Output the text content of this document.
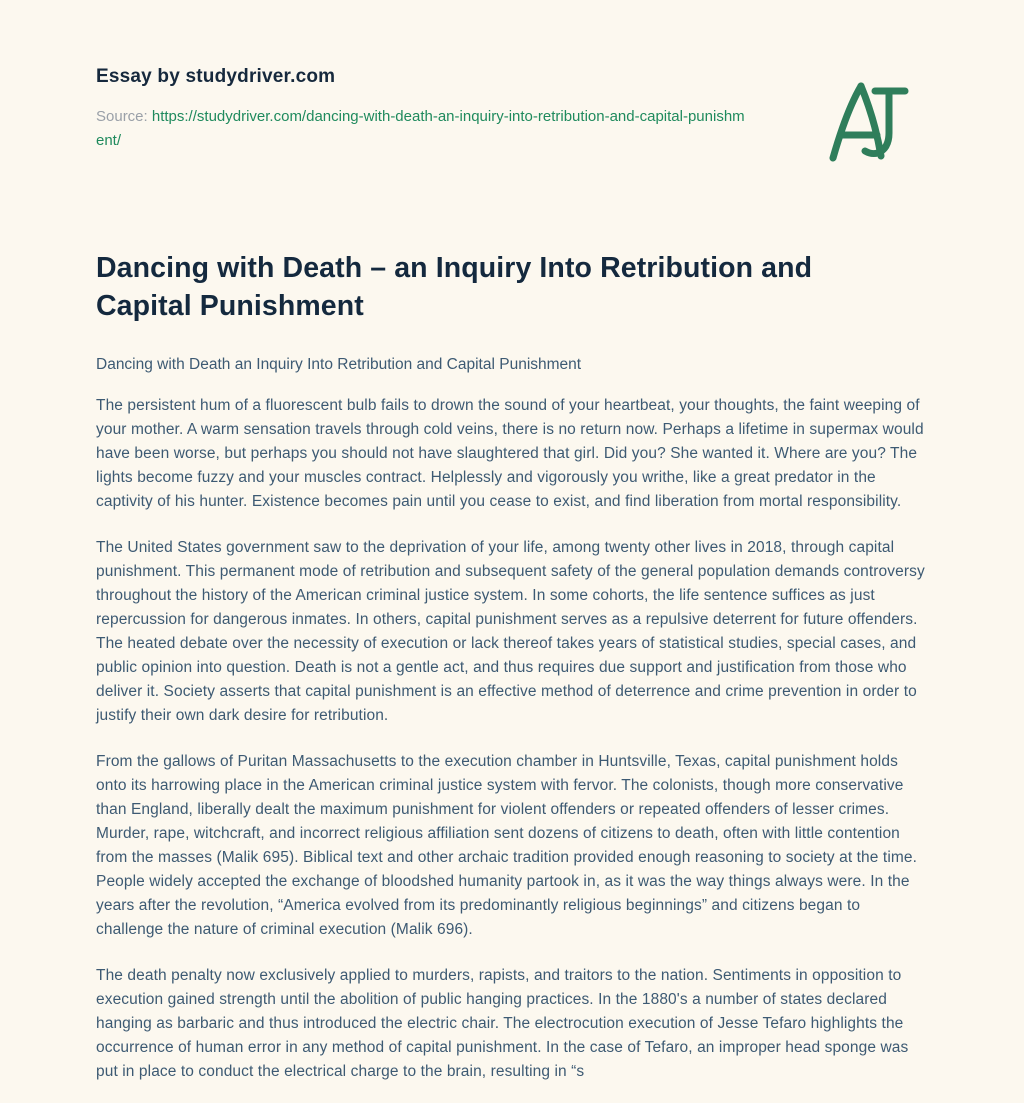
Essay by studydriver.com
Source: https://studydriver.com/dancing-with-death-an-inquiry-into-retribution-and-capital-punishment/
Dancing with Death – an Inquiry Into Retribution and Capital Punishment
Dancing with Death an Inquiry Into Retribution and Capital Punishment

The persistent hum of a fluorescent bulb fails to drown the sound of your heartbeat, your thoughts, the faint weeping of your mother. A warm sensation travels through cold veins, there is no return now. Perhaps a lifetime in supermax would have been worse, but perhaps you should not have slaughtered that girl. Did you? She wanted it. Where are you? The lights become fuzzy and your muscles contract. Helplessly and vigorously you writhe, like a great predator in the captivity of his hunter. Existence becomes pain until you cease to exist, and find liberation from mortal responsibility.

The United States government saw to the deprivation of your life, among twenty other lives in 2018, through capital punishment. This permanent mode of retribution and subsequent safety of the general population demands controversy throughout the history of the American criminal justice system. In some cohorts, the life sentence suffices as just repercussion for dangerous inmates. In others, capital punishment serves as a repulsive deterrent for future offenders. The heated debate over the necessity of execution or lack thereof takes years of statistical studies, special cases, and public opinion into question. Death is not a gentle act, and thus requires due support and justification from those who deliver it. Society asserts that capital punishment is an effective method of deterrence and crime prevention in order to justify their own dark desire for retribution.

From the gallows of Puritan Massachusetts to the execution chamber in Huntsville, Texas, capital punishment holds onto its harrowing place in the American criminal justice system with fervor. The colonists, though more conservative than England, liberally dealt the maximum punishment for violent offenders or repeated offenders of lesser crimes. Murder, rape, witchcraft, and incorrect religious affiliation sent dozens of citizens to death, often with little contention from the masses (Malik 695). Biblical text and other archaic tradition provided enough reasoning to society at the time. People widely accepted the exchange of bloodshed humanity partook in, as it was the way things always were. In the years after the revolution, “America evolved from its predominantly religious beginnings” and citizens began to challenge the nature of criminal execution (Malik 696).

The death penalty now exclusively applied to murders, rapists, and traitors to the nation. Sentiments in opposition to execution gained strength until the abolition of public hanging practices. In the 1880's a number of states declared hanging as barbaric and thus introduced the electric chair. The electrocution execution of Jesse Tefaro highlights the occurrence of human error in any method of capital punishment. In the case of Tefaro, an improper head sponge was put in place to conduct the electrical charge to the brain, resulting in “s
